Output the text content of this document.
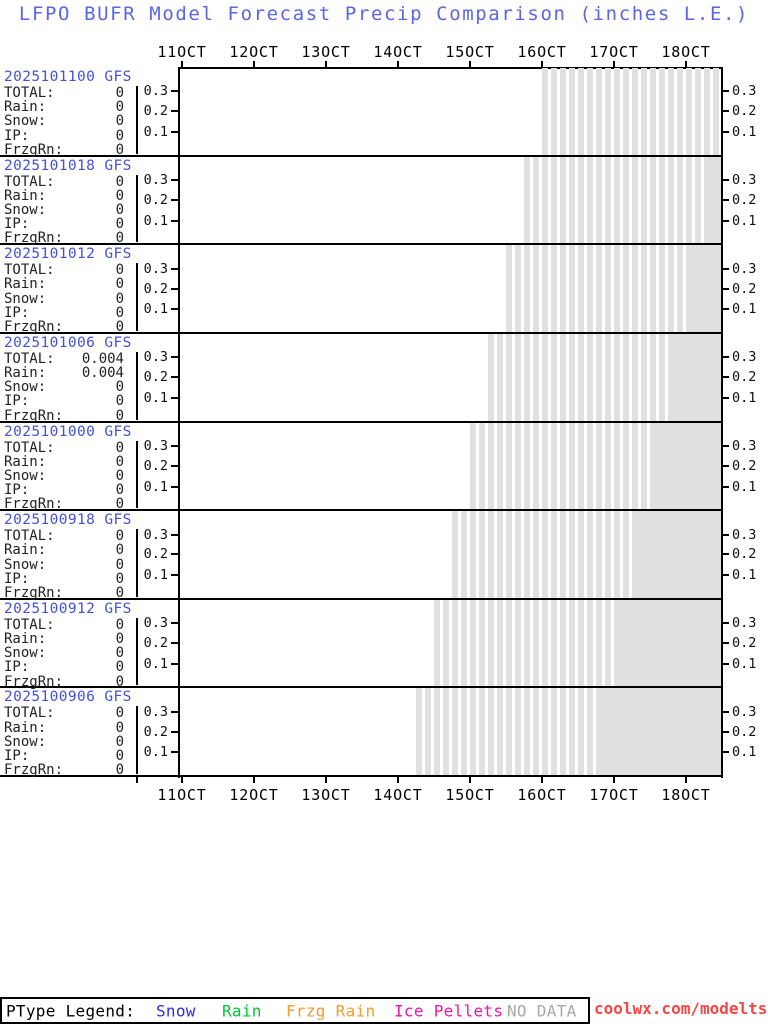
LFPO BUFR Model Forecast Precip Comparison (inches L.E.)
11OCT 12OCT 13OCT 14OCT 15OCT 16OCT 17OCT 18OCT
2025101100 GFS
TOTAL:	0
Rain:	0
Snow:	0
IP:	0
FrzgRn:	0
0.3
0.2
0.1
0.3
0.2
0.1
2025101018 GFS
TOTAL:	0
Rain:	0
Snow:	0
IP:	0
FrzgRn:	0
0.3
0.2
0.1
0.3
0.2
0.1
2025101012 GFS
TOTAL:	0
Rain:	0
Snow:	0
IP:	0
FrzgRn:	0
0.3
0.2
0.1
0.3
0.2
0.1
2025101006 GFS
TOTAL: 0.004
Rain:	0.004
Snow:	0
IP:	0
FrzgRn:	0
0.3
0.2
0.1
0.3
0.2
0.1
2025101000 GFS
TOTAL:	0
Rain:	0
Snow:	0
IP:	0
FrzgRn:	0
0.3
0.2
0.1
0.3
0.2
0.1
2025100918 GFS
TOTAL:	0
Rain:	0
Snow:	0
IP:	0
FrzgRn:	0
0.3
0.2
0.1
0.3
0.2
0.1
2025100912 GFS
TOTAL:	0
Rain:	0
Snow:	0
IP:	0
FrzgRn:	0
0.3
0.2
0.1
0.3
0.2
0.1
2025100906 GFS
TOTAL:	0
Rain:	0
Snow:	0
IP:	0
FrzgRn:	0
0.3
0.2
0.1
0.3
0.2
0.1
11OCT 12OCT 13OCT 14OCT 15OCT 16OCT 17OCT 18OCT
PType Legend: Snow Rain Frzg Rain Ice Pellets NO DATA coolwx.com/modelts
